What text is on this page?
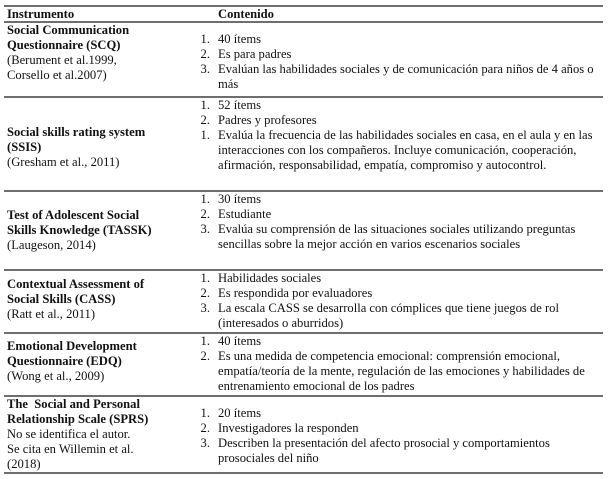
Instrumento	Contenido
Social Communication
Questionnaire (SCQ)
(Berument et al.1999,
Corsello et al.2007)
1. 40 ítems
2. Es para padres
3. Evalúan las habilidades sociales y de comunicación para niños de 4 años o más
Social skills rating system
(SSIS)
(Gresham et al., 2011)
1. 52 ítems
2. Padres y profesores
1. Evalúa la frecuencia de las habilidades sociales en casa, en el aula y en las interacciones con los compañeros. Incluye comunicación, cooperación, afirmación, responsabilidad, empatía, compromiso y autocontrol.
Test of Adolescent Social
Skills Knowledge (TASSK)
(Laugeson, 2014)
1. 30 ítems
2. Estudiante
3. Evalúa su comprensión de las situaciones sociales utilizando preguntas sencillas sobre la mejor acción en varios escenarios sociales
Contextual Assessment of
Social Skills (CASS)
(Ratt et al., 2011)
1. Habilidades sociales
2. Es respondida por evaluadores
3. La escala CASS se desarrolla con cómplices que tiene juegos de rol (interesados o aburridos)
Emotional Development
Questionnaire (EDQ)
(Wong et al., 2009)
1. 40 ítems
2. Es una medida de competencia emocional: comprensión emocional, empatía/teoría de la mente, regulación de las emociones y habilidades de entrenamiento emocional de los padres
The  Social and Personal
Relationship Scale (SPRS)
No se identifica el autor.
Se cita en Willemin et al.
(2018)
1. 20 ítems
2. Investigadores la responden
3. Describen la presentación del afecto prosocial y comportamientos prosociales del niño
